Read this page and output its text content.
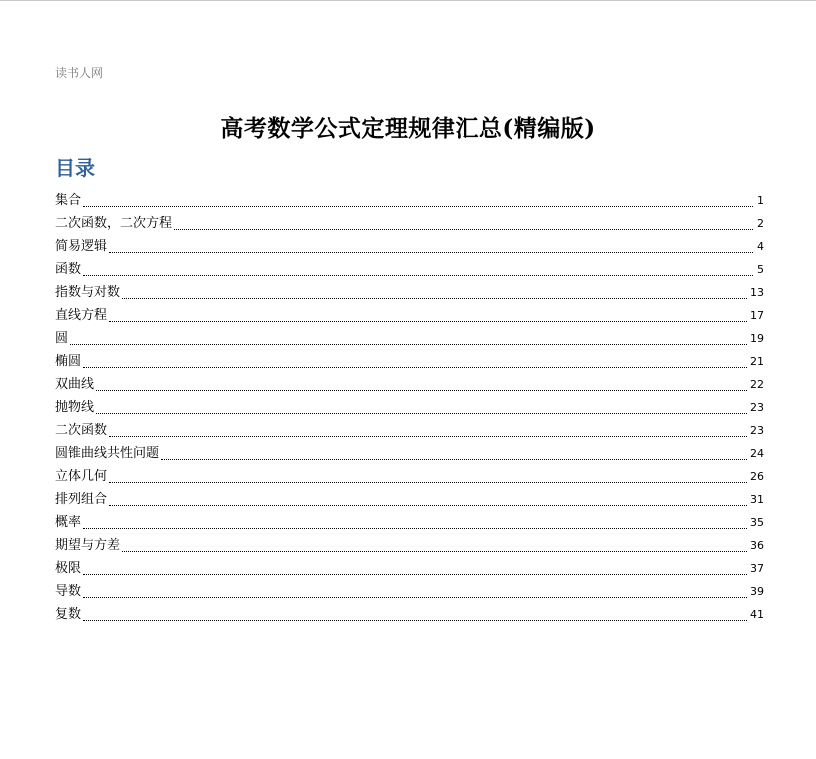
读书人网
高考数学公式定理规律汇总(精编版)
目录
集合	1
二次函数，二次方程	2
简易逻辑	4
函数	5
指数与对数	13
直线方程	17
圆	19
椭圆	21
双曲线	22
抛物线	23
二次函数	23
圆锥曲线共性问题	24
立体几何	26
排列组合	31
概率	35
期望与方差	36
极限	37
导数	39
复数	41
